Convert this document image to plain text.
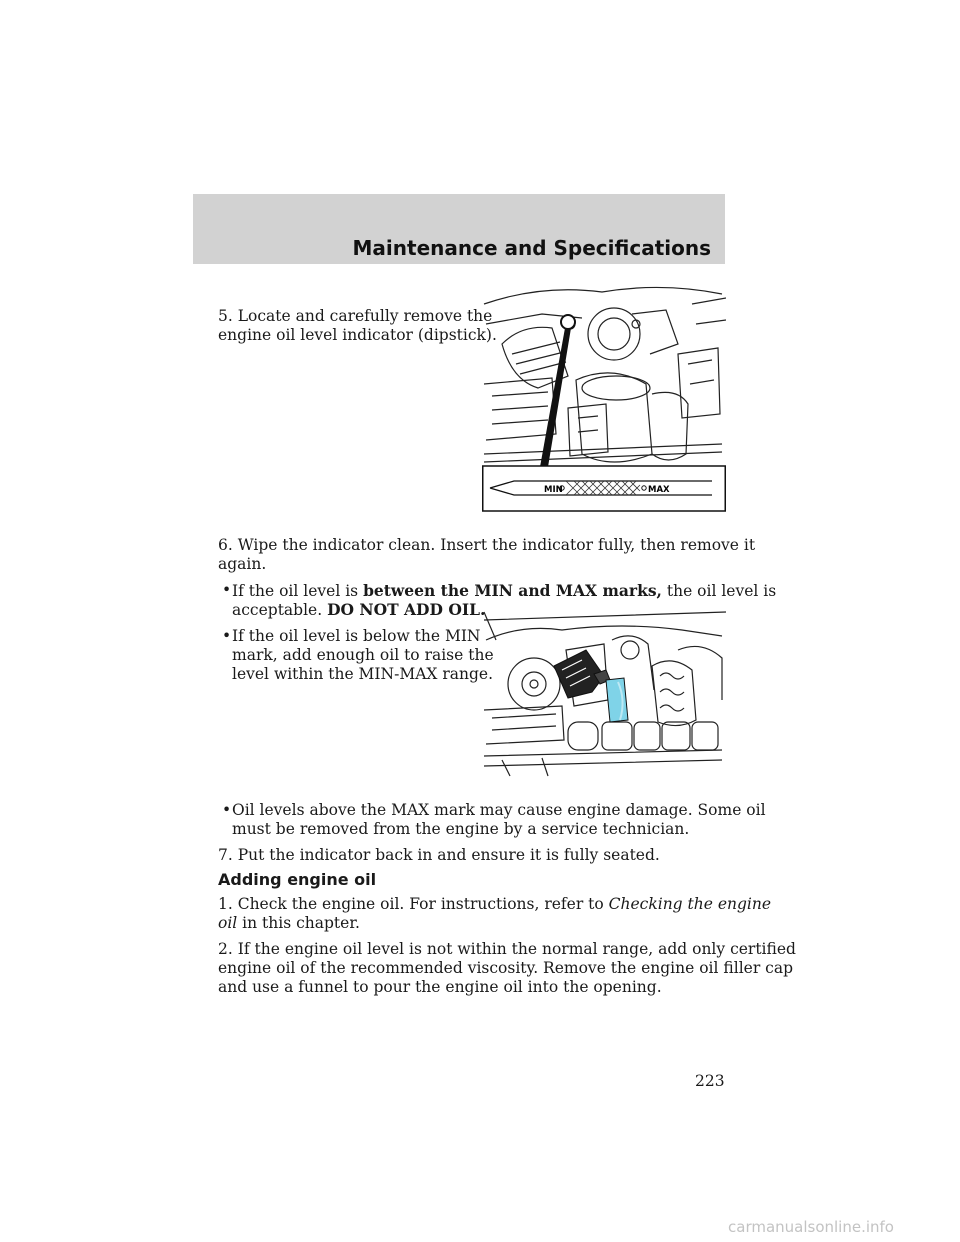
Maintenance and Specifications

5. Locate and carefully remove the

engine oil level indicator (dipstick).

MIN	MAX

6. Wipe the indicator clean. Insert the indicator fully, then remove it

again.

• If the oil level is between the MIN and MAX marks, the oil level is

acceptable. DO NOT ADD OIL.

• If the oil level is below the MIN

mark, add enough oil to raise the

level within the MIN-MAX range.

• Oil levels above the MAX mark may cause engine damage. Some oil

must be removed from the engine by a service technician.

7. Put the indicator back in and ensure it is fully seated.

Adding engine oil

1. Check the engine oil. For instructions, refer to Checking the engine

oil in this chapter.

2. If the engine oil level is not within the normal range, add only certified

engine oil of the recommended viscosity. Remove the engine oil filler cap

and use a funnel to pour the engine oil into the opening.

223
carmanualsonline.info
